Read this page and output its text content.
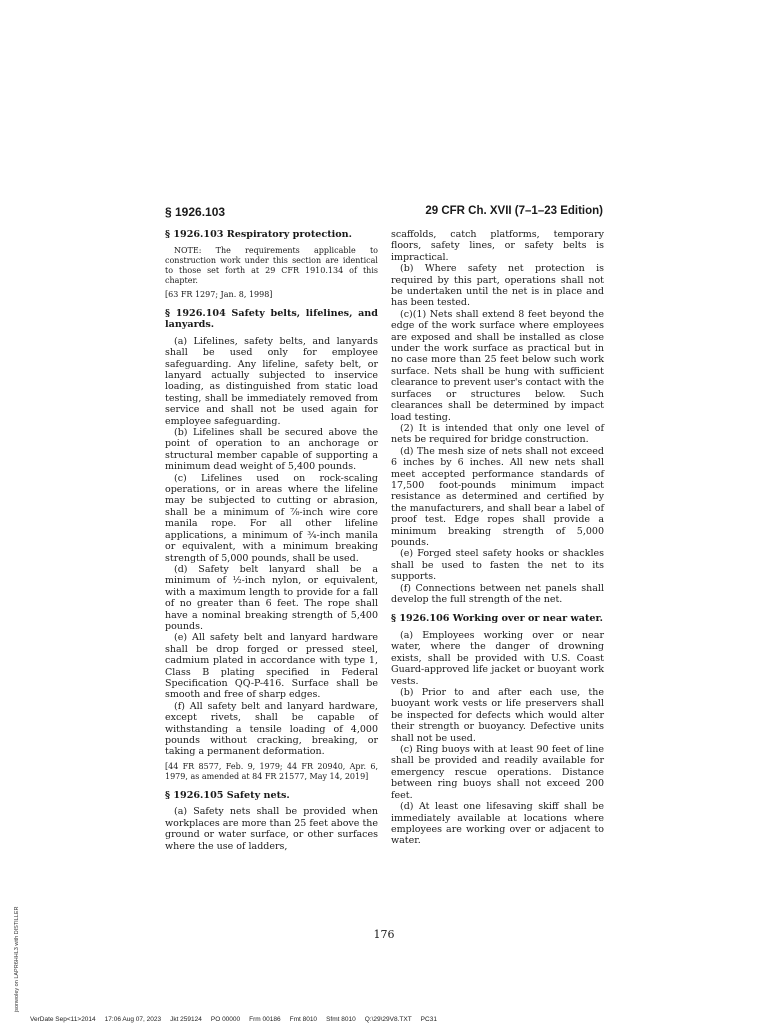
§ 1926.103	29 CFR Ch. XVII (7–1–23 Edition)

§ 1926.103 Respiratory protection.

NOTE: The requirements applicable to construction work under this section are identical to those set forth at 29 CFR 1910.134 of this chapter.

[63 FR 1297; Jan. 8, 1998]

§ 1926.104 Safety belts, lifelines, and lanyards.

(a) Lifelines, safety belts, and lanyards shall be used only for employee safeguarding. Any lifeline, safety belt, or lanyard actually subjected to inservice loading, as distinguished from static load testing, shall be immediately removed from service and shall not be used again for employee safeguarding.

(b) Lifelines shall be secured above the point of operation to an anchorage or structural member capable of supporting a minimum dead weight of 5,400 pounds.

(c) Lifelines used on rock-scaling operations, or in areas where the lifeline may be subjected to cutting or abrasion, shall be a minimum of ⅞-inch wire core manila rope. For all other lifeline applications, a minimum of ¾-inch manila or equivalent, with a minimum breaking strength of 5,000 pounds, shall be used.

(d) Safety belt lanyard shall be a minimum of ½-inch nylon, or equivalent, with a maximum length to provide for a fall of no greater than 6 feet. The rope shall have a nominal breaking strength of 5,400 pounds.

(e) All safety belt and lanyard hardware shall be drop forged or pressed steel, cadmium plated in accordance with type 1, Class B plating specified in Federal Specification QQ-P-416. Surface shall be smooth and free of sharp edges.

(f) All safety belt and lanyard hardware, except rivets, shall be capable of withstanding a tensile loading of 4,000 pounds without cracking, breaking, or taking a permanent deformation.

[44 FR 8577, Feb. 9, 1979; 44 FR 20940, Apr. 6, 1979, as amended at 84 FR 21577, May 14, 2019]

§ 1926.105 Safety nets.

(a) Safety nets shall be provided when workplaces are more than 25 feet above the ground or water surface, or other surfaces where the use of ladders,

scaffolds, catch platforms, temporary floors, safety lines, or safety belts is impractical.

(b) Where safety net protection is required by this part, operations shall not be undertaken until the net is in place and has been tested.

(c)(1) Nets shall extend 8 feet beyond the edge of the work surface where employees are exposed and shall be installed as close under the work surface as practical but in no case more than 25 feet below such work surface. Nets shall be hung with sufficient clearance to prevent user's contact with the surfaces or structures below. Such clearances shall be determined by impact load testing.

(2) It is intended that only one level of nets be required for bridge construction.

(d) The mesh size of nets shall not exceed 6 inches by 6 inches. All new nets shall meet accepted performance standards of 17,500 foot-pounds minimum impact resistance as determined and certified by the manufacturers, and shall bear a label of proof test. Edge ropes shall provide a minimum breaking strength of 5,000 pounds.

(e) Forged steel safety hooks or shackles shall be used to fasten the net to its supports.

(f) Connections between net panels shall develop the full strength of the net.

§ 1926.106 Working over or near water.

(a) Employees working over or near water, where the danger of drowning exists, shall be provided with U.S. Coast Guard-approved life jacket or buoyant work vests.

(b) Prior to and after each use, the buoyant work vests or life preservers shall be inspected for defects which would alter their strength or buoyancy. Defective units shall not be used.

(c) Ring buoys with at least 90 feet of line shall be provided and readily available for emergency rescue operations. Distance between ring buoys shall not exceed 200 feet.

(d) At least one lifesaving skiff shall be immediately available at locations where employees are working over or adjacent to water.

176
jsonwoley on LAPR6HHL3 with DISTILLER
VerDate Sep<11>2014 17:06 Aug 07, 2023 Jkt 259124 PO 00000 Frm 00186 Fmt 8010 Sfmt 8010 Q:\29\29V8.TXT PC31
